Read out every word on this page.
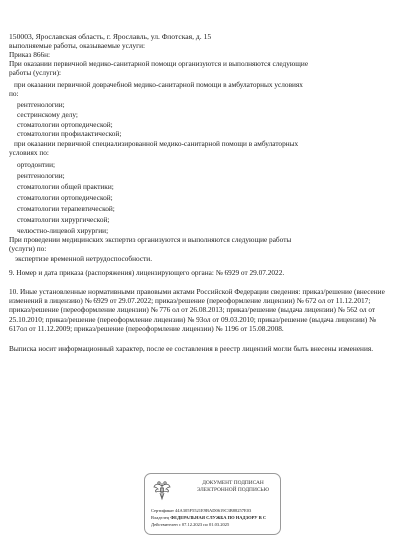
150003, Ярославская область, г. Ярославль, ул. Флотская, д. 15
выполняемые работы, оказываемые услуги:
Приказ 866н:
При оказании первичной медико-санитарной помощи организуются и выполняются следующие
работы (услуги):
при оказании первичной доврачебной медико-санитарной помощи в амбулаторных условиях
по:
рентгенологии;
сестринскому делу;
стоматологии ортопедической;
стоматологии профилактической;
при оказании первичной специализированной медико-санитарной помощи в амбулаторных
условиях по:
ортодонтии;
рентгенологии;
стоматологии общей практики;
стоматологии ортопедической;
стоматологии терапевтической;
стоматологии хирургической;
челюстно-лицевой хирургии;
При проведении медицинских экспертиз организуются и выполняются следующие работы
(услуги) по:
экспертизе временной нетрудоспособности.
9. Номер и дата приказа (распоряжения) лицензирующего органа: № 6929 от 29.07.2022.
10. Иные установленные нормативными правовыми актами Российской Федерации сведения: приказ/решение (внесение изменений в лицензию) № 6929 от 29.07.2022; приказ/решение (переоформление лицензии) № 672 ол от 11.12.2017; приказ/решение (переоформление лицензии) № 776 ол от 26.08.2013; приказ/решение (выдача лицензии) № 562 ол от 25.10.2010; приказ/решение (переоформление лицензии) № 93ол от 09.03.2010; приказ/решение (выдача лицензии) № 617ол от 11.12.2009; приказ/решение (переоформление лицензии) № 1196 от 15.08.2008.
Выписка носит информационный характер, после ее составления в реестр лицензий могли быть внесены изменения.
ДОКУМЕНТ ПОДПИСАН
ЭЛЕКТРОННОЙ ПОДПИСЬЮ
Сертификат 44A305F5521E9BAD0619C3B88257E03
Владелец ФЕДЕРАЛЬНАЯ СЛУЖБА ПО НАДЗОРУ В С
Действителен с 07.12.2023 по 01.03.2025
